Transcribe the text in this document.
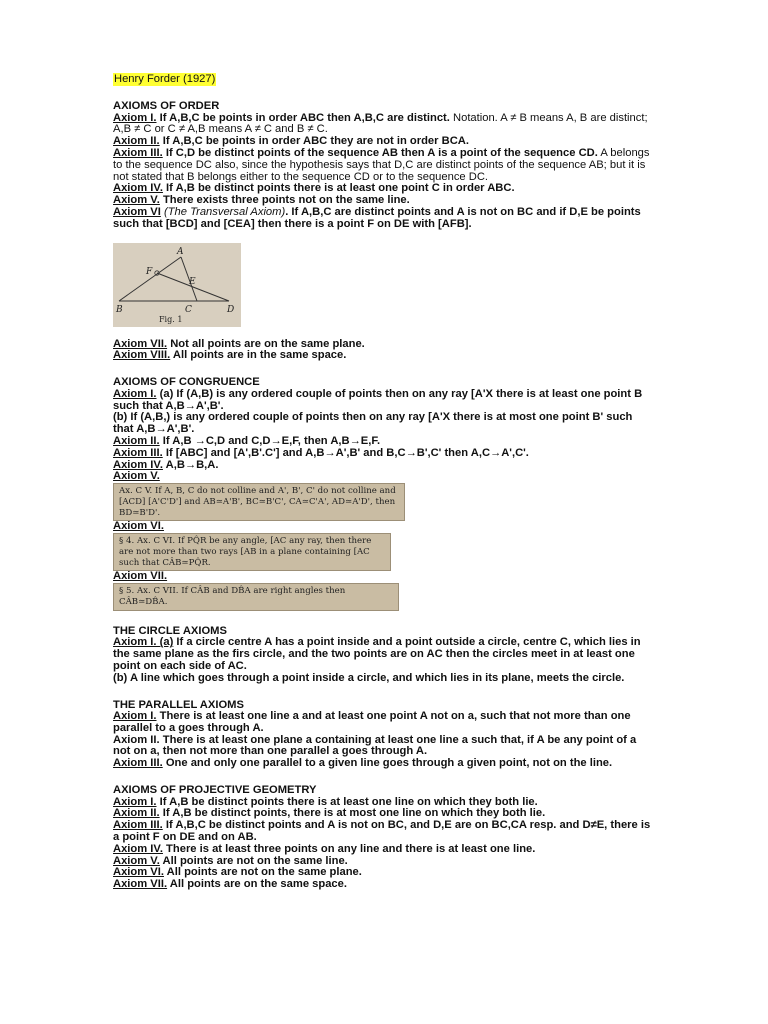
Henry Forder (1927)
AXIOMS OF ORDER
Axiom I. If A,B,C be points in order ABC then A,B,C are distinct. Notation. A ≠ B means A, B are distinct; A,B ≠ C or C ≠ A,B means A ≠ C and B ≠ C.
Axiom II. If A,B,C be points in order ABC they are not in order BCA.
Axiom III. If C,D be distinct points of the sequence AB then A is a point of the sequence CD. A belongs to the sequence DC also, since the hypothesis says that D,C are distinct points of the sequence AB; but it is not stated that B belongs either to the sequence CD or to the sequence DC.
Axiom IV. If A,B be distinct points there is at least one point C in order ABC.
Axiom V. There exists three points not on the same line.
Axiom VI (The Transversal Axiom). If A,B,C are distinct points and A is not on BC and if D,E be points such that [BCD] and [CEA] then there is a point F on DE with [AFB].
A
F
E
B	C	D
Fig. 1
Axiom VII. Not all points are on the same plane.
Axiom VIII. All points are in the same space.
AXIOMS OF CONGRUENCE
Axiom I. (a) If (A,B) is any ordered couple of points then on any ray [A'X there is at least one point B such that A,B→A',B'.
(b) If (A,B,) is any ordered couple of points then on any ray [A'X there is at most one point B' such that A,B→A',B'.
Axiom II. If A,B →C,D and C,D→E,F, then A,B→E,F.
Axiom III. If [ABC] and [A',B'.C'] and A,B→A',B' and B,C→B',C' then A,C→A',C'.
Axiom IV. A,B→B,A.
Axiom V.
Ax. C V. If A, B, C do not colline and A', B', C' do not colline and [ACD] [A'C'D'] and AB≃A'B', BC≃B'C', CA≃C'A', AD≃A'D', then BD≃B'D'.
Axiom VI.
§ 4. Ax. C VI. If PQ̂R be any angle, [AC any ray, then there are not more than two rays [AB in a plane containing [AC such that CÂB≃PQ̂R.
Axiom VII.
§ 5. Ax. C VII. If CÂB and DB̂A are right angles then CÂB≃DB̂A.
THE CIRCLE AXIOMS
Axiom I. (a) If a circle centre A has a point inside and a point outside a circle, centre C, which lies in the same plane as the firs circle, and the two points are on AC then the circles meet in at least one point on each side of AC.
(b) A line which goes through a point inside a circle, and which lies in its plane, meets the circle.
THE PARALLEL AXIOMS
Axiom I. There is at least one line a and at least one point A not on a, such that not more than one parallel to a goes through A.
Axiom II. There is at least one plane a containing at least one line a such that, if A be any point of a not on a, then not more than one parallel a goes through A.
Axiom III. One and only one parallel to a given line goes through a given point, not on the line.
AXIOMS OF PROJECTIVE GEOMETRY
Axiom I. If A,B be distinct points there is at least one line on which they both lie.
Axiom II. If A,B be distinct points, there is at most one line on which they both lie.
Axiom III. If A,B,C be distinct points and A is not on BC, and D,E are on BC,CA resp. and D≠E, there is a point F on DE and on AB.
Axiom IV. There is at least three points on any line and there is at least one line.
Axiom V. All points are not on the same line.
Axiom VI. All points are not on the same plane.
Axiom VII. All points are on the same space.
